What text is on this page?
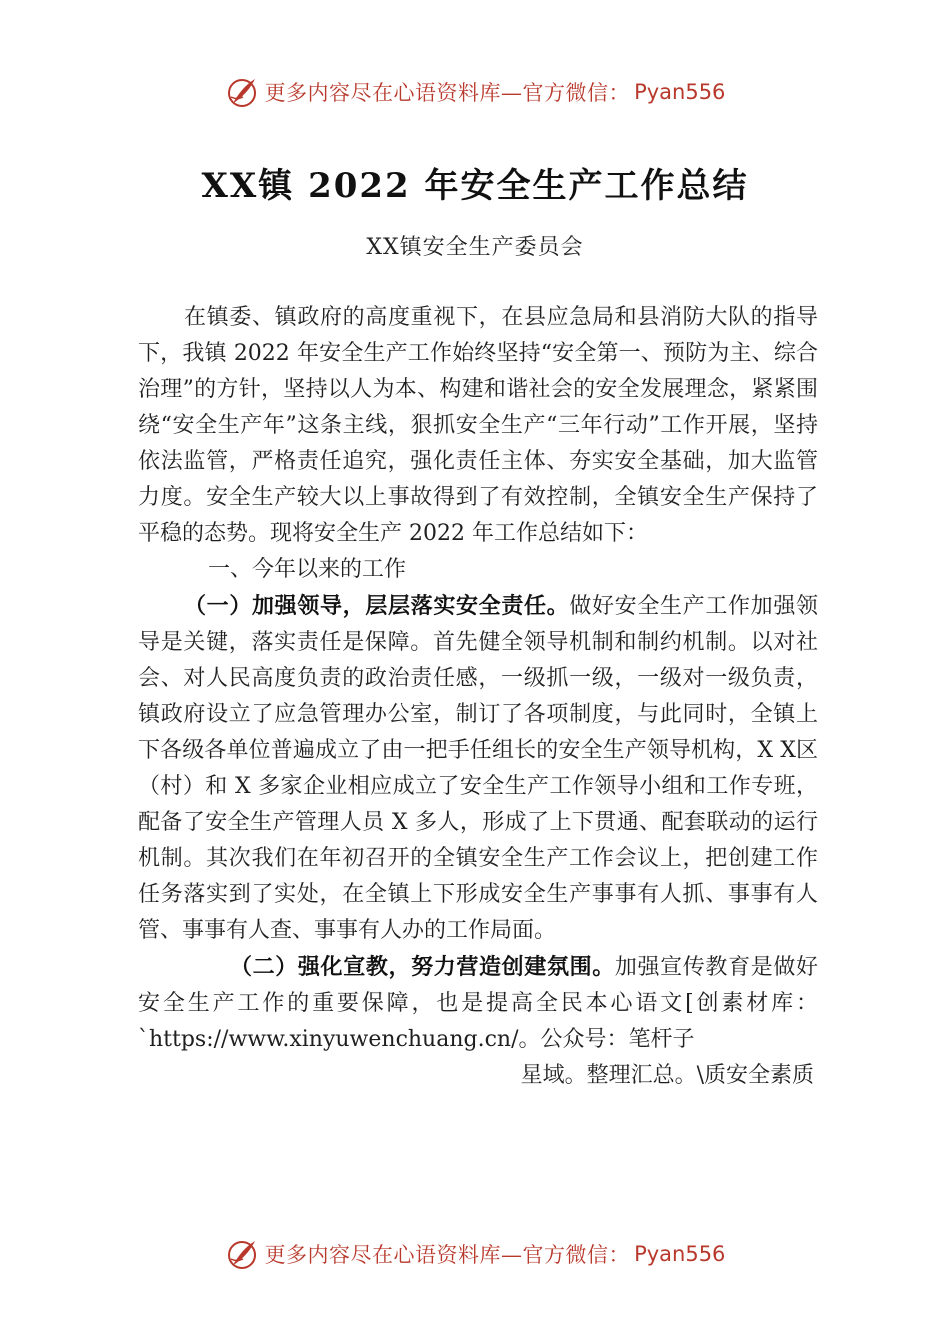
更多内容尽在心语资料库—官方微信： Pyan556
XX镇 2022 年安全生产工作总结
XX镇安全生产委员会

在镇委、镇政府的高度重视下，在县应急局和县消防大队的指导下，我镇 2022 年安全生产工作始终坚持“安全第一、预防为主、综合治理”的方针，坚持以人为本、构建和谐社会的安全发展理念，紧紧围绕“安全生产年”这条主线，狠抓安全生产“三年行动”工作开展，坚持依法监管，严格责任追究，强化责任主体、夯实安全基础，加大监管力度。安全生产较大以上事故得到了有效控制，全镇安全生产保持了平稳的态势。现将安全生产 2022 年工作总结如下：

一、今年以来的工作

（一）加强领导，层层落实安全责任。做好安全生产工作加强领导是关键，落实责任是保障。首先健全领导机制和制约机制。以对社会、对人民高度负责的政治责任感，一级抓一级，一级对一级负责，镇政府设立了应急管理办公室，制订了各项制度，与此同时，全镇上下各级各单位普遍成立了由一把手任组长的安全生产领导机构，X X区（村）和 X 多家企业相应成立了安全生产工作领导小组和工作专班，配备了安全生产管理人员 X 多人，形成了上下贯通、配套联动的运行机制。其次我们在年初召开的全镇安全生产工作会议上，把创建工作任务落实到了实处，在全镇上下形成安全生产事事有人抓、事事有人管、事事有人查、事事有人办的工作局面。

（二）强化宣教，努力营造创建氛围。加强宣传教育是做好安全生产工作的重要保障，也是提高全民本心语文[创素材库：`https://www.xinyuwenchuang.cn/。公众号：笔杆子

星域。整理汇总。\质安全素质

更多内容尽在心语资料库—官方微信： Pyan556
